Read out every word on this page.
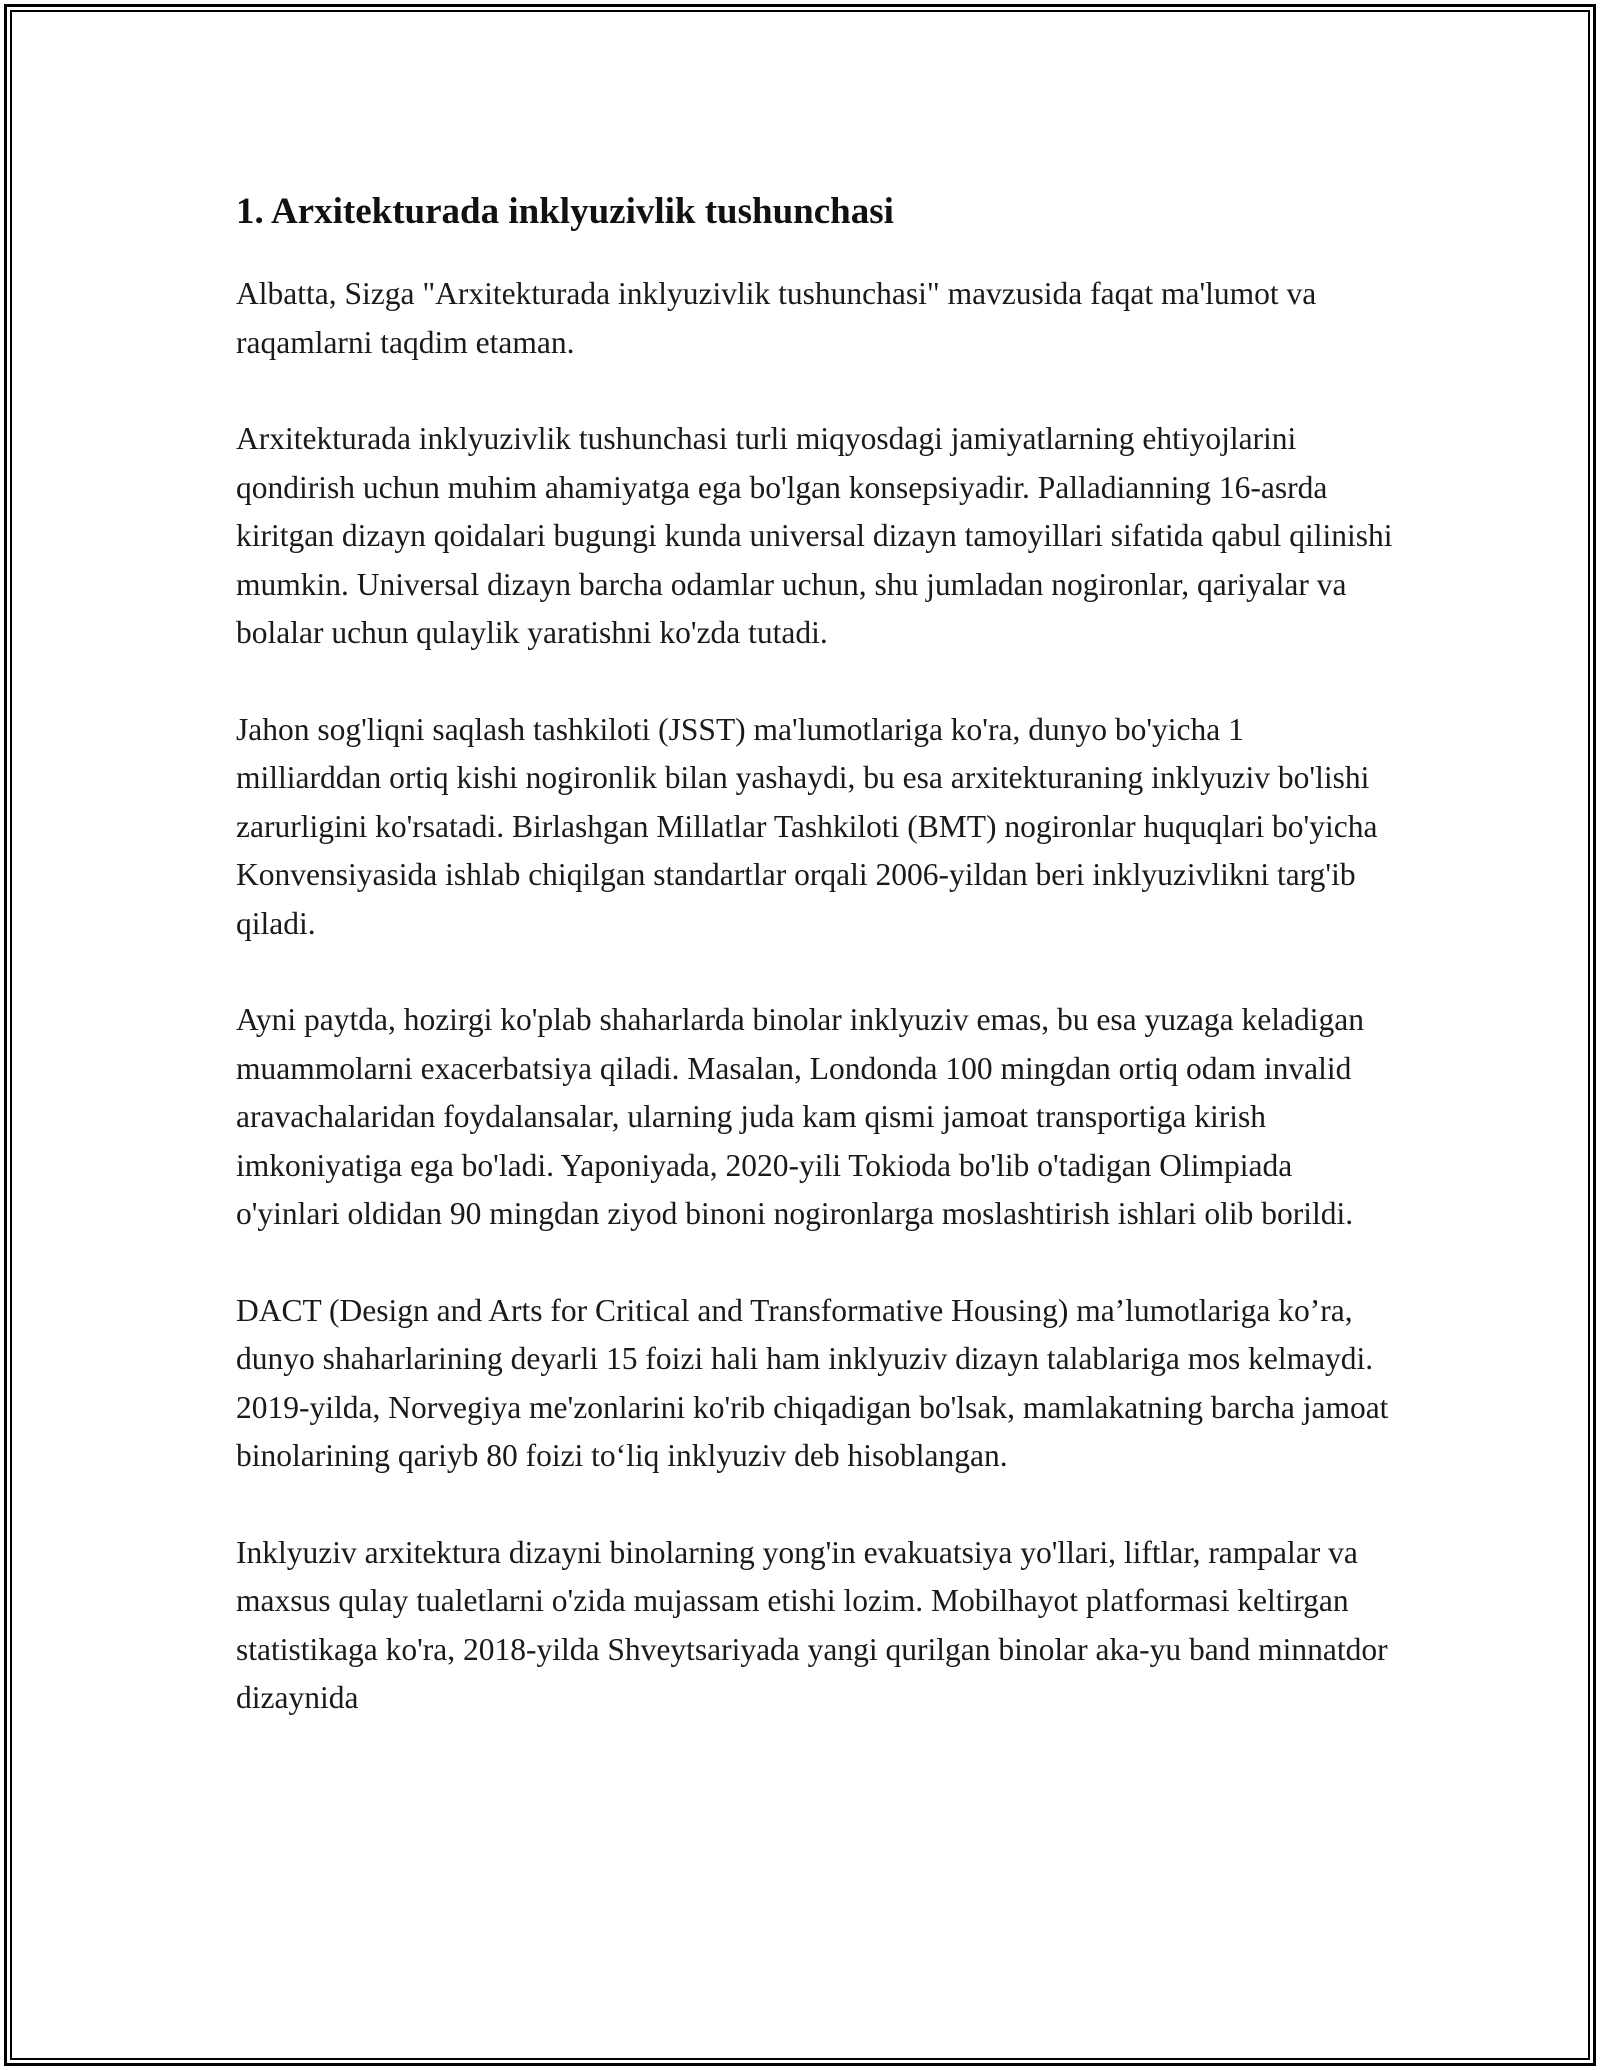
1. Arxitekturada inklyuzivlik tushunchasi

Albatta, Sizga "Arxitekturada inklyuzivlik tushunchasi" mavzusida faqat ma'lumot va raqamlarni taqdim etaman.

Arxitekturada inklyuzivlik tushunchasi turli miqyosdagi jamiyatlarning ehtiyojlarini qondirish uchun muhim ahamiyatga ega bo'lgan konsepsiyadir. Palladianning 16-asrda kiritgan dizayn qoidalari bugungi kunda universal dizayn tamoyillari sifatida qabul qilinishi mumkin. Universal dizayn barcha odamlar uchun, shu jumladan nogironlar, qariyalar va bolalar uchun qulaylik yaratishni ko'zda tutadi.

Jahon sog'liqni saqlash tashkiloti (JSST) ma'lumotlariga ko'ra, dunyo bo'yicha 1 milliarddan ortiq kishi nogironlik bilan yashaydi, bu esa arxitekturaning inklyuziv bo'lishi zarurligini ko'rsatadi. Birlashgan Millatlar Tashkiloti (BMT) nogironlar huquqlari bo'yicha Konvensiyasida ishlab chiqilgan standartlar orqali 2006-yildan beri inklyuzivlikni targ'ib qiladi.

Ayni paytda, hozirgi ko'plab shaharlarda binolar inklyuziv emas, bu esa yuzaga keladigan muammolarni exacerbatsiya qiladi. Masalan, Londonda 100 mingdan ortiq odam invalid aravachalaridan foydalansalar, ularning juda kam qismi jamoat transportiga kirish imkoniyatiga ega bo'ladi. Yaponiyada, 2020-yili Tokioda bo'lib o'tadigan Olimpiada o'yinlari oldidan 90 mingdan ziyod binoni nogironlarga moslashtirish ishlari olib borildi.

DACT (Design and Arts for Critical and Transformative Housing) ma’lumotlariga ko’ra, dunyo shaharlarining deyarli 15 foizi hali ham inklyuziv dizayn talablariga mos kelmaydi. 2019-yilda, Norvegiya me'zonlarini ko'rib chiqadigan bo'lsak, mamlakatning barcha jamoat binolarining qariyb 80 foizi to‘liq inklyuziv deb hisoblangan.

Inklyuziv arxitektura dizayni binolarning yong'in evakuatsiya yo'llari, liftlar, rampalar va maxsus qulay tualetlarni o'zida mujassam etishi lozim. Mobilhayot platformasi keltirgan statistikaga ko'ra, 2018-yilda Shveytsariyada yangi qurilgan binolar aka-yu band minnatdor dizaynida
